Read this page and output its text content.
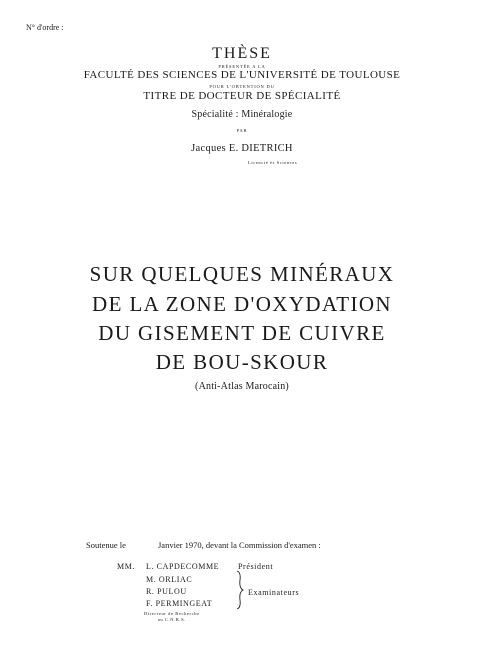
N° d'ordre :
THÈSE
PRÉSENTÉE A LA
FACULTÉ DES SCIENCES DE L'UNIVERSITÉ DE TOULOUSE
POUR L'OBTENTION DU
TITRE DE DOCTEUR DE SPÉCIALITÉ
Spécialité : Minéralogie
PAR
Jacques E. DIETRICH
Licencié ès Sciences
SUR QUELQUES MINÉRAUX
DE LA ZONE D'OXYDATION
DU GISEMENT DE CUIVRE
DE BOU-SKOUR
(Anti-Atlas Marocain)
Soutenue le	Janvier 1970, devant la Commission d'examen :
MM. L. CAPDECOMME Président
M. ORLIAC
R. PULOU
F. PERMINGEAT
Examinateurs
Directeur de Recherche
au C.N.R.S.
